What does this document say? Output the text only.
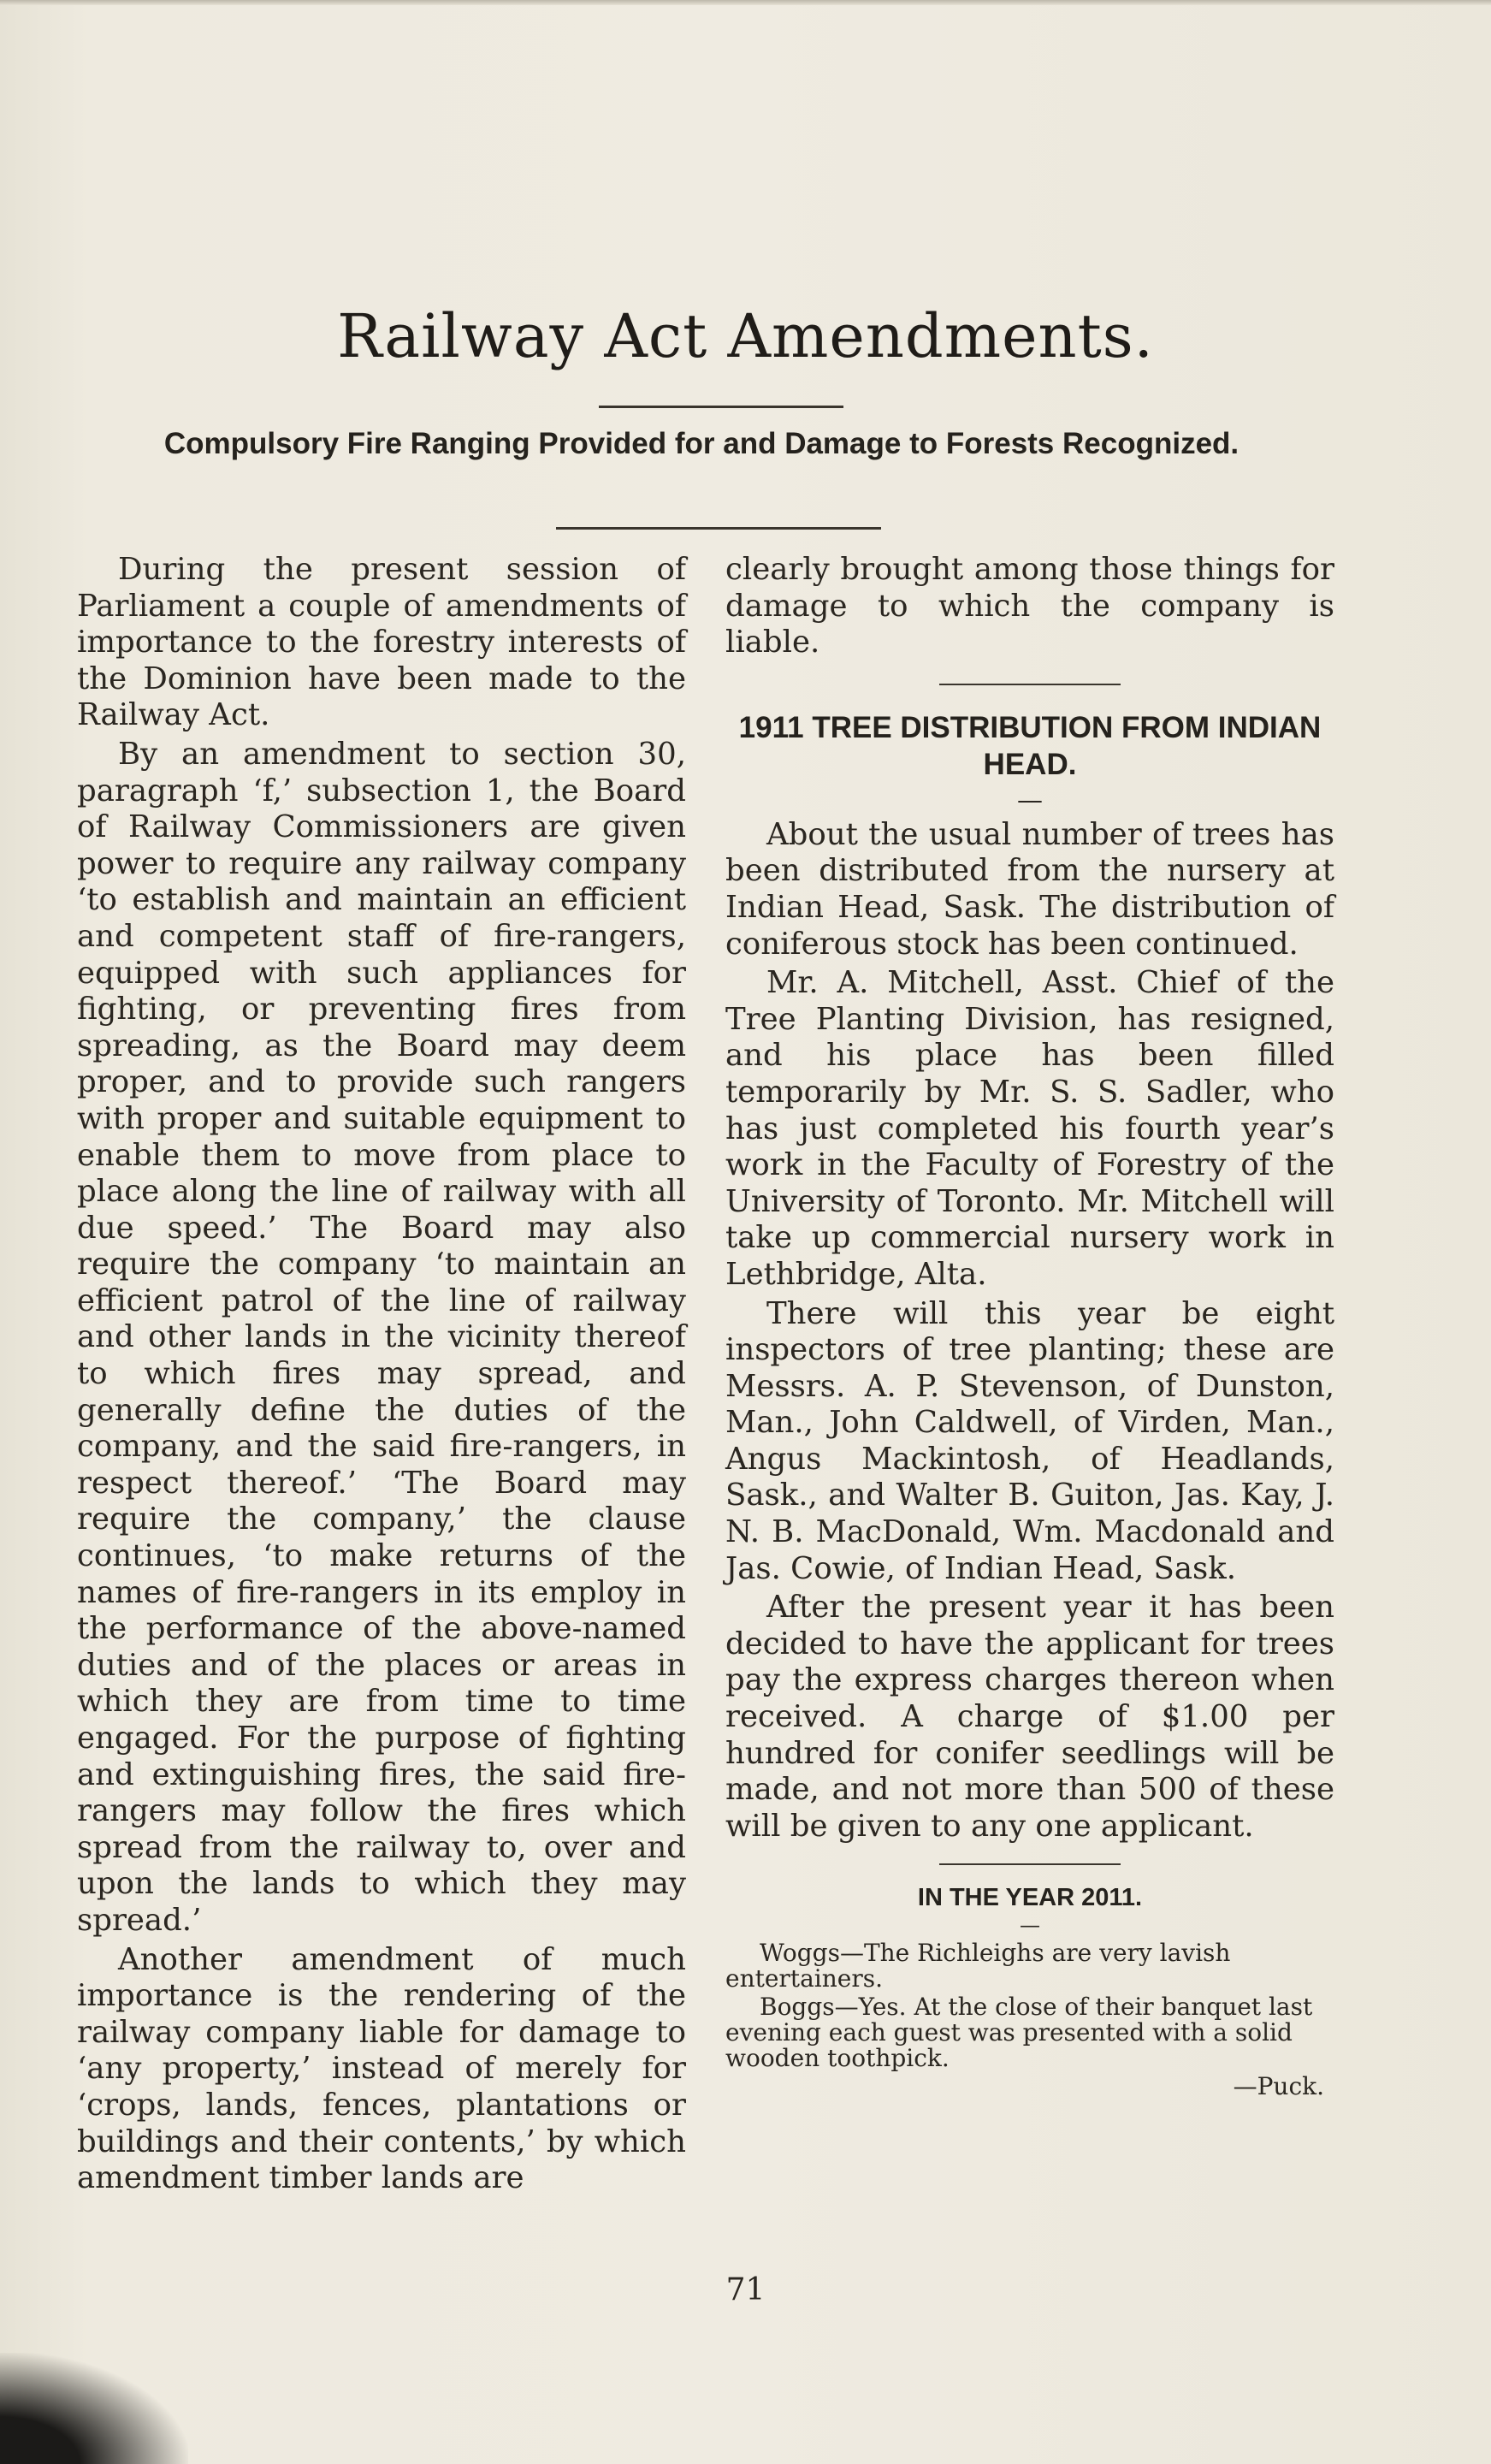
Railway Act Amendments.
Compulsory Fire Ranging Provided for and Damage to Forests Recognized.

During the present session of Parliament a couple of amendments of importance to the forestry interests of the Dominion have been made to the Railway Act.

By an amendment to section 30, paragraph ‘f,’ subsection 1, the Board of Railway Commissioners are given power to require any railway company ‘to establish and maintain an efficient and competent staff of fire-rangers, equipped with such appliances for fighting, or preventing fires from spreading, as the Board may deem proper, and to provide such rangers with proper and suitable equipment to enable them to move from place to place along the line of railway with all due speed.’ The Board may also require the company ‘to maintain an efficient patrol of the line of railway and other lands in the vicinity thereof to which fires may spread, and generally define the duties of the company, and the said fire-rangers, in respect thereof.’ ‘The Board may require the company,’ the clause continues, ‘to make returns of the names of fire-rangers in its employ in the performance of the above-named duties and of the places or areas in which they are from time to time engaged. For the purpose of fighting and extinguishing fires, the said fire-rangers may follow the fires which spread from the railway to, over and upon the lands to which they may spread.’

Another amendment of much importance is the rendering of the railway company liable for damage to ‘any property,’ instead of merely for ‘crops, lands, fences, plantations or buildings and their contents,’ by which amendment timber lands are

clearly brought among those things for damage to which the company is liable.

1911 TREE DISTRIBUTION FROM INDIAN HEAD.
—

About the usual number of trees has been distributed from the nursery at Indian Head, Sask. The distribution of coniferous stock has been continued.

Mr. A. Mitchell, Asst. Chief of the Tree Planting Division, has resigned, and his place has been filled temporarily by Mr. S. S. Sadler, who has just completed his fourth year’s work in the Faculty of Forestry of the University of Toronto. Mr. Mitchell will take up commercial nursery work in Lethbridge, Alta.

There will this year be eight inspectors of tree planting; these are Messrs. A. P. Stevenson, of Dunston, Man., John Caldwell, of Virden, Man., Angus Mackintosh, of Headlands, Sask., and Walter B. Guiton, Jas. Kay, J. N. B. MacDonald, Wm. Macdonald and Jas. Cowie, of Indian Head, Sask.

After the present year it has been decided to have the applicant for trees pay the express charges thereon when received. A charge of $1.00 per hundred for conifer seedlings will be made, and not more than 500 of these will be given to any one applicant.

IN THE YEAR 2011.
—

Woggs—The Richleighs are very lavish entertainers.

Boggs—Yes. At the close of their banquet last evening each guest was presented with a solid wooden toothpick.

—Puck.

71
